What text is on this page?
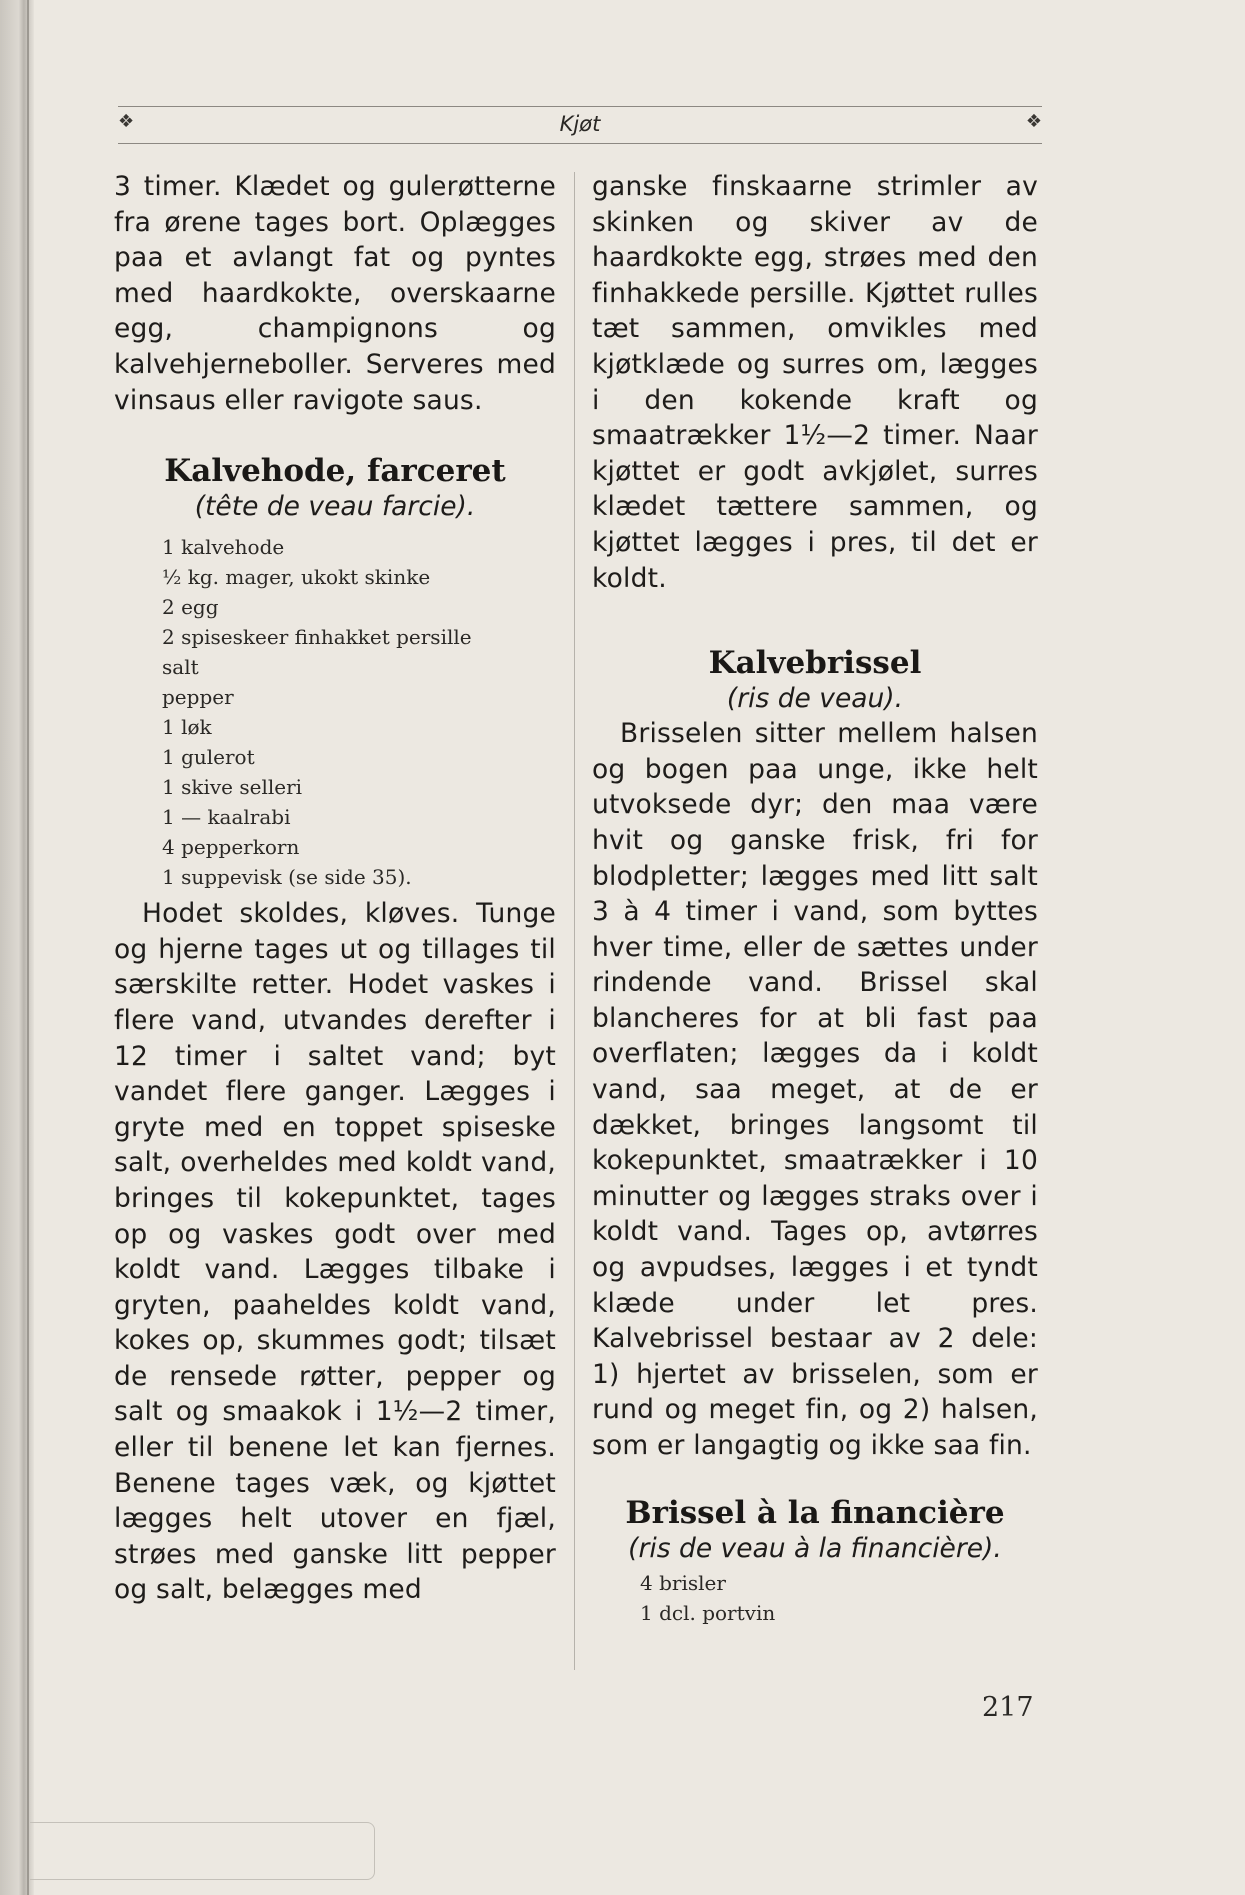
❖	Kjøt	❖

3 timer. Klædet og gulerøtterne fra ørene tages bort. Oplægges paa et avlangt fat og pyntes med haardkokte, overskaarne egg, champignons og kalvehjerneboller. Serveres med vinsaus eller ravigote saus.

Kalvehode, farceret

(tête de veau farcie).

1 kalvehode
½ kg. mager, ukokt skinke
2 egg
2 spiseskeer finhakket persille
salt
pepper
1 løk
1 gulerot
1 skive selleri
1 — kaalrabi
4 pepperkorn
1 suppevisk (se side 35).

Hodet skoldes, kløves. Tunge og hjerne tages ut og tillages til særskilte retter. Hodet vaskes i flere vand, utvandes derefter i 12 timer i saltet vand; byt vandet flere ganger. Lægges i gryte med en toppet spiseske salt, overheldes med koldt vand, bringes til kokepunktet, tages op og vaskes godt over med koldt vand. Lægges tilbake i gryten, paaheldes koldt vand, kokes op, skummes godt; tilsæt de rensede røtter, pepper og salt og smaakok i 1½—2 timer, eller til benene let kan fjernes. Benene tages væk, og kjøttet lægges helt utover en fjæl, strøes med ganske litt pepper og salt, belægges med

ganske finskaarne strimler av skinken og skiver av de haardkokte egg, strøes med den finhakkede persille. Kjøttet rulles tæt sammen, omvikles med kjøtklæde og surres om, lægges i den kokende kraft og smaatrækker 1½—2 timer. Naar kjøttet er godt avkjølet, surres klædet tættere sammen, og kjøttet lægges i pres, til det er koldt.

Kalvebrissel

(ris de veau).

Brisselen sitter mellem halsen og bogen paa unge, ikke helt utvoksede dyr; den maa være hvit og ganske frisk, fri for blodpletter; lægges med litt salt 3 à 4 timer i vand, som byttes hver time, eller de sættes under rindende vand. Brissel skal blancheres for at bli fast paa overflaten; lægges da i koldt vand, saa meget, at de er dækket, bringes langsomt til kokepunktet, smaatrækker i 10 minutter og lægges straks over i koldt vand. Tages op, avtørres og avpudses, lægges i et tyndt klæde under let pres. Kalvebrissel bestaar av 2 dele: 1) hjertet av brisselen, som er rund og meget fin, og 2) halsen, som er langagtig og ikke saa fin.

Brissel à la financière

(ris de veau à la financière).

4 brisler
1 dcl. portvin
217
